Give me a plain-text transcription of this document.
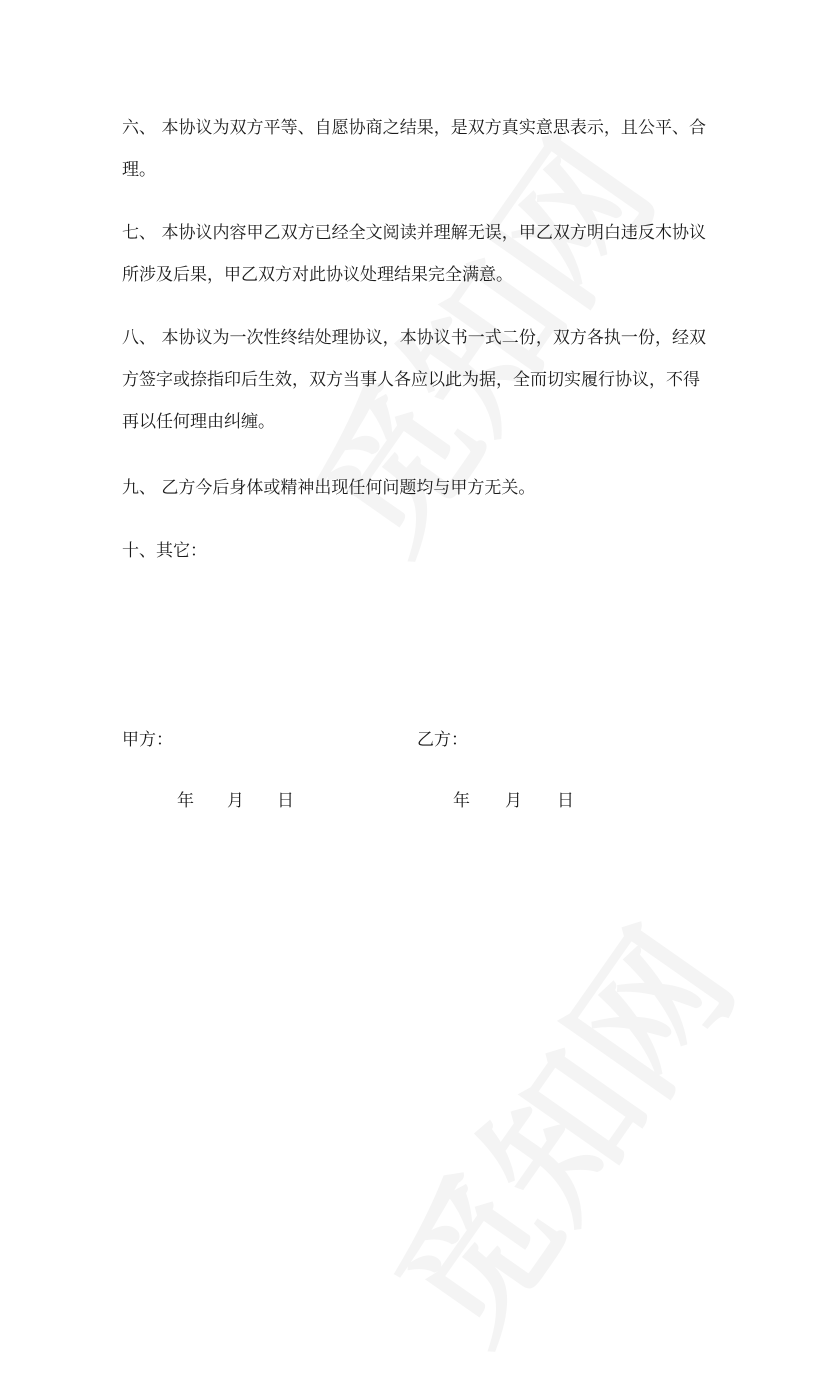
六、 本协议为双方平等、自愿协商之结果，是双方真实意思表示，且公平、合
理。
七、 本协议内容甲乙双方已经全文阅读并理解无误，甲乙双方明白违反木协议
所涉及后果，甲乙双方对此协议处理结果完全满意。
八、 本协议为一次性终结处理协议，本协议书一式二份，双方各执一份，经双
方签字或捺指印后生效，双方当事人各应以此为据，全而切实履行协议，不得
再以任何理由纠缠。
九、 乙方今后身体或精神出现任何问题均与甲方无关。
十、其它：
甲方：	乙方：
年 月 日	年 月 日
